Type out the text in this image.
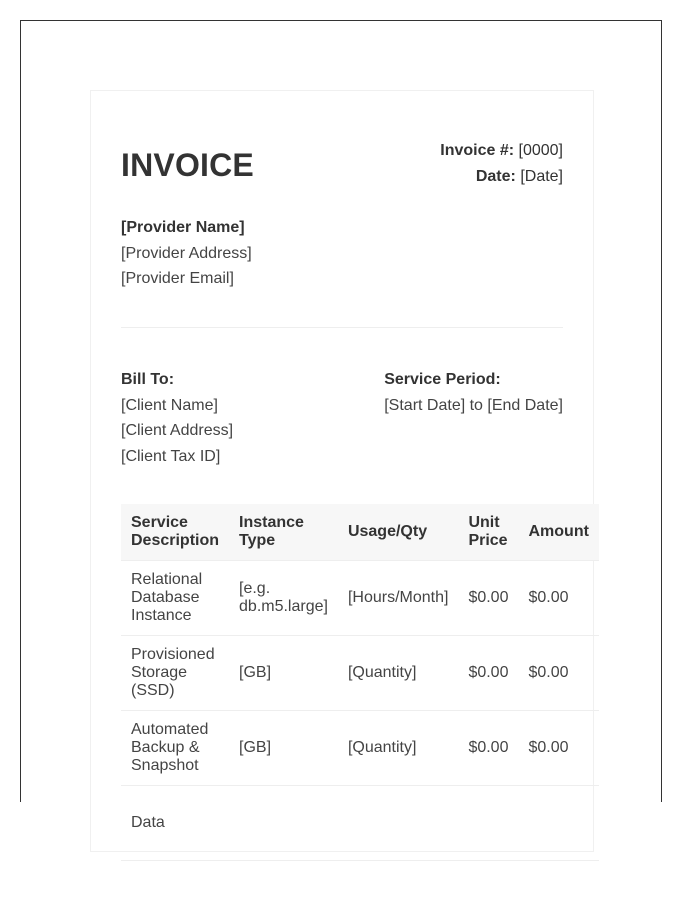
INVOICE	Invoice #: [0000]
Date: [Date]
[Provider Name]
[Provider Address]
[Provider Email]
Bill To:
[Client Name]
[Client Address]
[Client Tax ID]
Service Period:
[Start Date] to [End Date]
Service Description	Instance Type	Usage/Qty	Unit Price	Amount
Relational Database Instance	[e.g. db.m5.large]	[Hours/Month]	$0.00	$0.00
Provisioned Storage (SSD)	[GB]	[Quantity]	$0.00	$0.00
Automated Backup & Snapshot	[GB]	[Quantity]	$0.00	$0.00
Data				
